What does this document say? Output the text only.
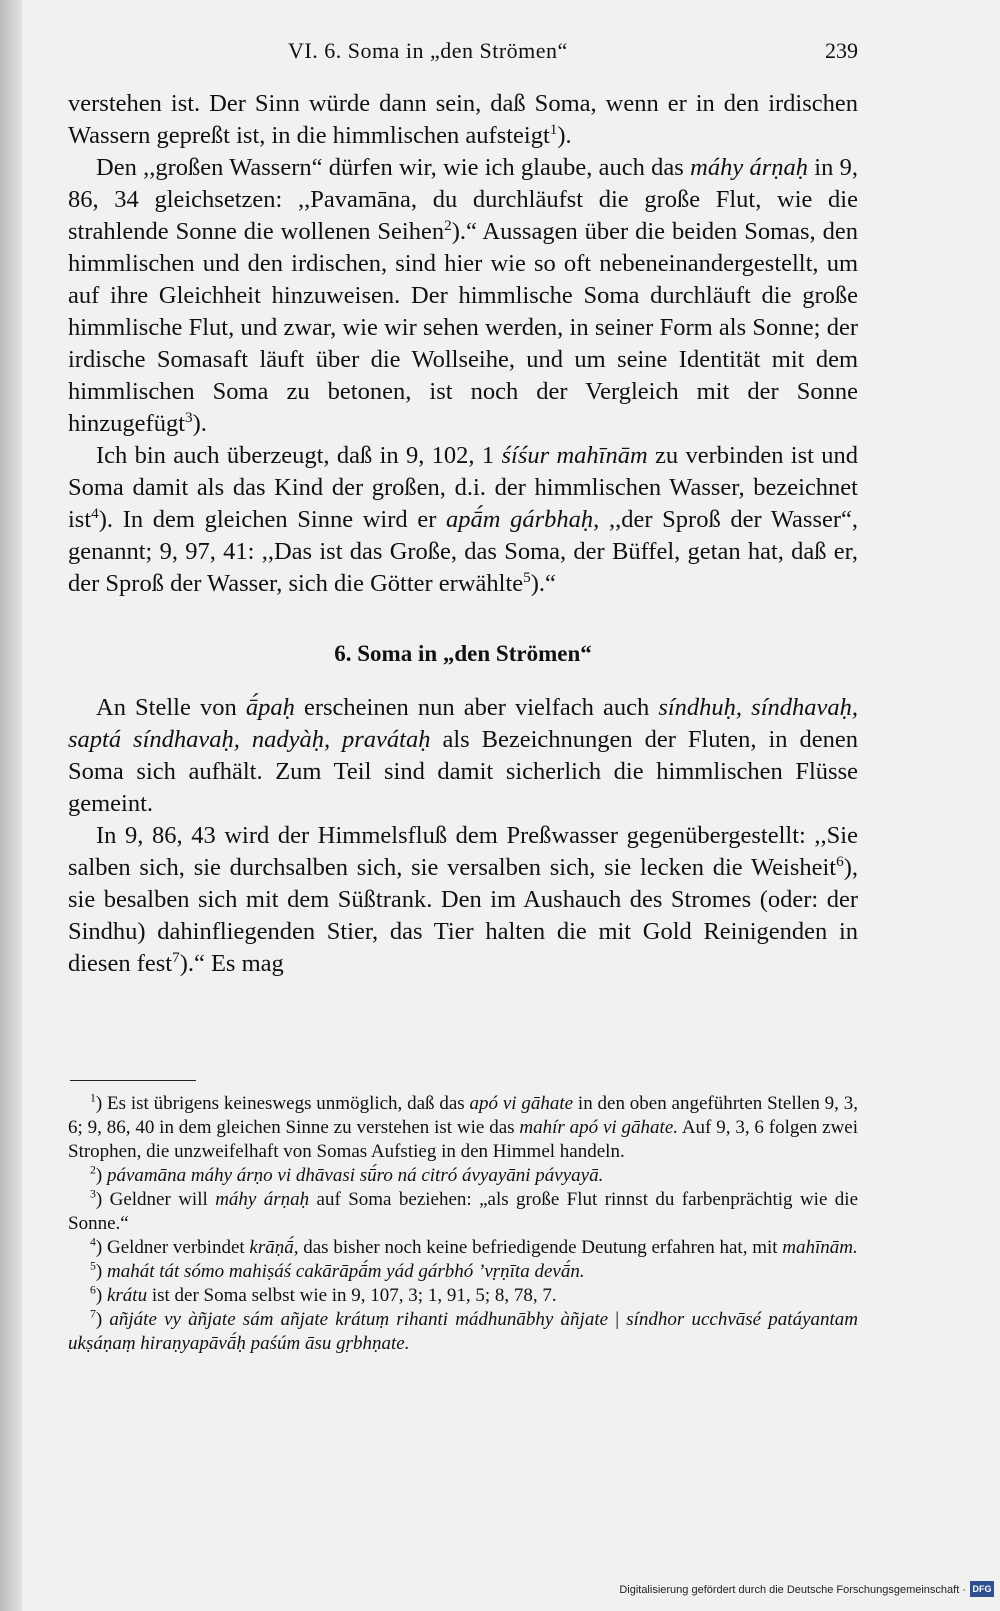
VI. 6. Soma in „den Strömen“	239

verstehen ist. Der Sinn würde dann sein, daß Soma, wenn er in den irdischen Wassern gepreßt ist, in die himmlischen aufsteigt$^1$).

Den ,,großen Wassern“ dürfen wir, wie ich glaube, auch das máhy árṇaḥ in 9, 86, 34 gleichsetzen: ,,Pavamāna, du durchläufst die große Flut, wie die strahlende Sonne die wollenen Seihen$^2$).“ Aussagen über die beiden Somas, den himmlischen und den irdischen, sind hier wie so oft nebeneinandergestellt, um auf ihre Gleichheit hinzuweisen. Der himmlische Soma durchläuft die große himmlische Flut, und zwar, wie wir sehen werden, in seiner Form als Sonne; der irdische Somasaft läuft über die Wollseihe, und um seine Identität mit dem himmlischen Soma zu betonen, ist noch der Vergleich mit der Sonne hinzugefügt$^3$).

Ich bin auch überzeugt, daß in 9, 102, 1 śíśur mahīnām zu verbinden ist und Soma damit als das Kind der großen, d.i. der himmlischen Wasser, bezeichnet ist$^4$). In dem gleichen Sinne wird er apā́m gárbhaḥ, ,,der Sproß der Wasser“, genannt; 9, 97, 41: ,,Das ist das Große, das Soma, der Büffel, getan hat, daß er, der Sproß der Wasser, sich die Götter erwählte$^5$).“

6. Soma in „den Strömen“

An Stelle von ā́paḥ erscheinen nun aber vielfach auch síndhuḥ, síndhavaḥ, saptá síndhavaḥ, nadyàḥ, pravátaḥ als Bezeichnungen der Fluten, in denen Soma sich aufhält. Zum Teil sind damit sicherlich die himmlischen Flüsse gemeint.

In 9, 86, 43 wird der Himmelsfluß dem Preßwasser gegenübergestellt: ,,Sie salben sich, sie durchsalben sich, sie versalben sich, sie lecken die Weisheit$^6$), sie besalben sich mit dem Süßtrank. Den im Aushauch des Stromes (oder: der Sindhu) dahinfliegenden Stier, das Tier halten die mit Gold Reinigenden in diesen fest$^7$).“ Es mag

$^1$) Es ist übrigens keineswegs unmöglich, daß das apó vi gāhate in den oben angeführten Stellen 9, 3, 6; 9, 86, 40 in dem gleichen Sinne zu verstehen ist wie das mahír apó vi gāhate. Auf 9, 3, 6 folgen zwei Strophen, die unzweifelhaft von Somas Aufstieg in den Himmel handeln.

$^2$) pávamāna máhy árṇo vi dhāvasi sū́ro ná citró ávyayāni pávyayā.

$^3$) Geldner will máhy árṇaḥ auf Soma beziehen: „als große Flut rinnst du farbenprächtig wie die Sonne.“

$^4$) Geldner verbindet krāṇā́, das bisher noch keine befriedigende Deutung erfahren hat, mit mahīnām.

$^5$) mahát tát sómo mahiṣáś cakārāpā́m yád gárbhó ’vṛṇīta devā́n.

$^6$) krátu ist der Soma selbst wie in 9, 107, 3; 1, 91, 5; 8, 78, 7.

$^7$) añjáte vy àñjate sám añjate krátuṃ rihanti mádhunābhy àñjate | síndhor ucchvāsé patáyantam ukṣáṇaṃ hiraṇyapāvā́ḥ paśúm āsu gṛbhṇate.

Digitalisierung gefördert durch die Deutsche Forschungsgemeinschaft · DFG
